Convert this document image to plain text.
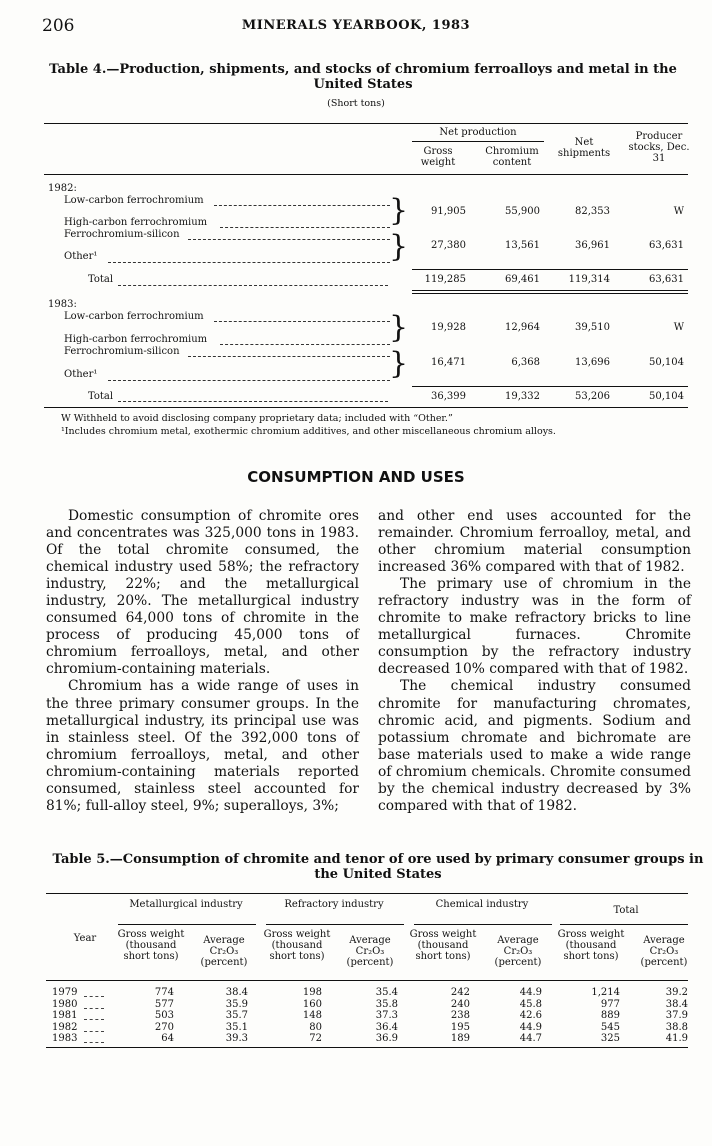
206	MINERALS YEARBOOK, 1983
Table 4.—Production, shipments, and stocks of chromium ferroalloys and metal in the United States
(Short tons)
Net production
Gross weight
Chromium content
Net shipments
Producer stocks, Dec. 31
1982:
Low-carbon ferrochromium
High-carbon ferrochromium	}	91,905	55,900	82,353	W
Ferrochromium-silicon
Other¹	}	27,380	13,561	36,961	63,631
Total	119,285	69,461	119,314	63,631
1983:
Low-carbon ferrochromium
High-carbon ferrochromium	}	19,928	12,964	39,510	W
Ferrochromium-silicon
Other¹	}	16,471	6,368	13,696	50,104
Total	36,399	19,332	53,206	50,104
W Withheld to avoid disclosing company proprietary data; included with “Other.”
¹Includes chromium metal, exothermic chromium additives, and other miscellaneous chromium alloys.
CONSUMPTION AND USES

Domestic consumption of chromite ores and concentrates was 325,000 tons in 1983. Of the total chromite consumed, the chemical industry used 58%; the refractory industry, 22%; and the metallurgical industry, 20%. The metallurgical industry consumed 64,000 tons of chromite in the process of producing 45,000 tons of chromium ferroalloys, metal, and other chromium-containing materials.

Chromium has a wide range of uses in the three primary consumer groups. In the metallurgical industry, its principal use was in stainless steel. Of the 392,000 tons of chromium ferroalloys, metal, and other chromium-containing materials reported consumed, stainless steel accounted for 81%; full-alloy steel, 9%; superalloys, 3%;

and other end uses accounted for the remainder. Chromium ferroalloy, metal, and other chromium material consumption increased 36% compared with that of 1982.

The primary use of chromium in the refractory industry was in the form of chromite to make refractory bricks to line metallurgical furnaces. Chromite consumption by the refractory industry decreased 10% compared with that of 1982.

The chemical industry consumed chromite for manufacturing chromates, chromic acid, and pigments. Sodium and potassium chromate and bichromate are base materials used to make a wide range of chromium chemicals. Chromite consumed by the chemical industry decreased by 3% compared with that of 1982.

Table 5.—Consumption of chromite and tenor of ore used by primary consumer groups in the United States
Year
Metallurgical industry	Refractory industry	Chemical industry
Total
Gross weight (thousand short tons)
Average Cr₂O₃ (percent)
Gross weight (thousand short tons)
Average Cr₂O₃ (percent)
Gross weight (thousand short tons)
Average Cr₂O₃ (percent)
Gross weight (thousand short tons)
Average Cr₂O₃ (percent)
1979	774	38.4	198	35.4	242	44.9	1,214	39.2
1980	577	35.9	160	35.8	240	45.8	977	38.4
1981	503	35.7	148	37.3	238	42.6	889	37.9
1982	270	35.1	80	36.4	195	44.9	545	38.8
1983	64	39.3	72	36.9	189	44.7	325	41.9
